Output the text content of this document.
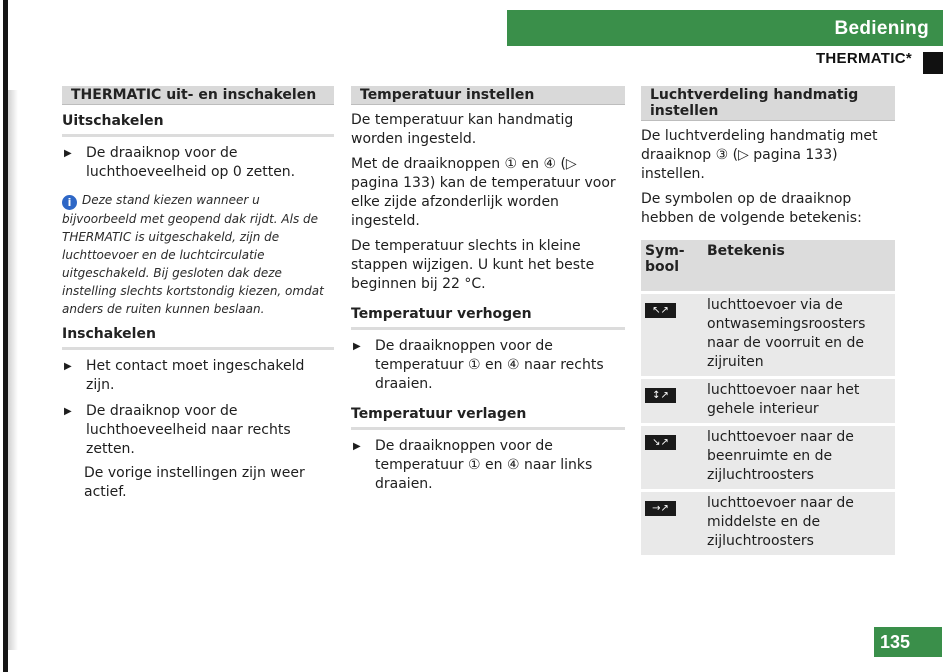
Bediening
THERMATIC*
THERMATIC uit- en inschakelen
Uitschakelen
▶	De draaiknop voor de luchthoeveelheid op 0 zetten.

i Deze stand kiezen wanneer u bijvoorbeeld met geopend dak rijdt. Als de THERMATIC is uitgeschakeld, zijn de luchttoevoer en de luchtcirculatie uitgeschakeld. Bij gesloten dak deze instelling slechts kortstondig kiezen, omdat anders de ruiten kunnen beslaan.
Inschakelen
▶	Het contact moet ingeschakeld zijn.

▶	De draaiknop voor de luchthoeveelheid naar rechts zetten.

De vorige instellingen zijn weer actief.

Temperatuur instellen

De temperatuur kan handmatig worden ingesteld.

Met de draaiknoppen ① en ④ (▷ pagina 133) kan de temperatuur voor elke zijde afzonderlijk worden ingesteld.

De temperatuur slechts in kleine stappen wijzigen. U kunt het beste beginnen bij 22 °C.

Temperatuur verhogen
▶	De draaiknoppen voor de temperatuur ① en ④ naar rechts draaien.

Temperatuur verlagen
▶	De draaiknoppen voor de temperatuur ① en ④ naar links draaien.

Luchtverdeling handmatig instellen

De luchtverdeling handmatig met draaiknop ③ (▷ pagina 133) instellen.

De symbolen op de draaiknop hebben de volgende betekenis:

Sym-
bool	Betekenis
↖↗	luchttoevoer via de ontwasemingsroosters naar de voorruit en de zijruiten
↕↗	luchttoevoer naar het gehele interieur
↘↗	luchttoevoer naar de beenruimte en de zijluchtroosters
→↗	luchttoevoer naar de middelste en de zijluchtroosters
135
